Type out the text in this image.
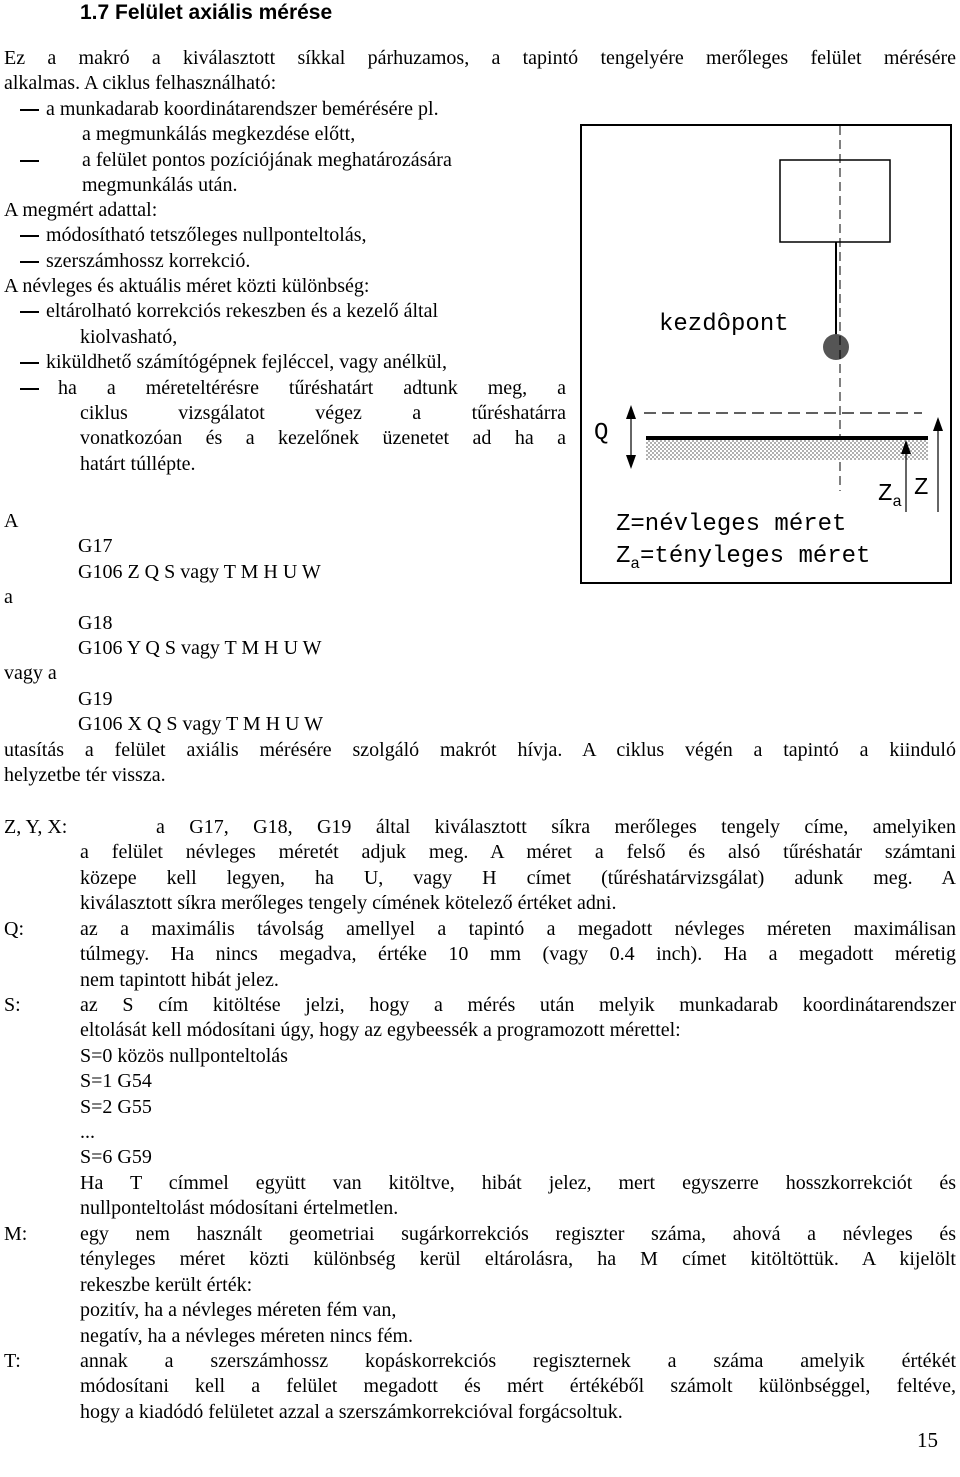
1.7 Felület axiális mérése
Ez a makró a kiválasztott síkkal párhuzamos, a tapintó tengelyére merőleges felület mérésére
alkalmas. A ciklus felhasználható:
a munkadarab koordinátarendszer bemérésére pl.
a megmunkálás megkezdése előtt,
a felület pontos pozíciójának meghatározására
megmunkálás után.
A megmért adattal:
módosítható tetszőleges nullponteltolás,
szerszámhossz korrekció.
A névleges és aktuális méret közti különbség:
eltárolható korrekciós rekeszben és a kezelő által
kiolvasható,
kiküldhető számítógépnek fejléccel, vagy anélkül,
ha a méreteltérésre tűréshatárt adtunk meg, a
ciklus vizsgálatot végez a tűréshatárra
vonatkozóan és a kezelőnek üzenetet ad ha a
határt túllépte.
A
G17
G106 Z Q S vagy T M H U W
a
G18
G106 Y Q S vagy T M H U W
vagy a
G19
G106 X Q S vagy T M H U W
utasítás a felület axiális mérésére szolgáló makrót hívja. A ciklus végén a tapintó a kiinduló
helyzetbe tér vissza.
Z, Y, X:	a G17, G18, G19 által kiválasztott síkra merőleges tengely címe, amelyiken
a felület névleges méretét adjuk meg. A méret a felső és alsó tűréshatár számtani
közepe kell legyen, ha U, vagy H címet (tűréshatárvizsgálat) adunk meg. A
kiválasztott síkra merőleges tengely címének kötelező értéket adni.
Q:	az a maximális távolság amellyel a tapintó a megadott névleges méreten maximálisan
túlmegy. Ha nincs megadva, értéke 10 mm (vagy 0.4 inch). Ha a megadott méretig
nem tapintott hibát jelez.
S:	az S cím kitöltése jelzi, hogy a mérés után melyik munkadarab koordinátarendszer
eltolását kell módosítani úgy, hogy az egybeessék a programozott mérettel:
S=0 közös nullponteltolás
S=1 G54
S=2 G55
...
S=6 G59
Ha T címmel együtt van kitöltve, hibát jelez, mert egyszerre hosszkorrekciót és
nullponteltolást módosítani értelmetlen.
M:	egy nem használt geometriai sugárkorrekciós regiszter száma, ahová a névleges és
tényleges méret közti különbség kerül eltárolásra, ha M címet kitöltöttük. A kijelölt
rekeszbe került érték:
pozitív, ha a névleges méreten fém van,
negatív, ha a névleges méreten nincs fém.
T:	annak a szerszámhossz kopáskorrekciós regiszternek a száma amelyik értékét
módosítani kell a felület megadott és mért értékéből számolt különbséggel, feltéve,
hogy a kiadódó felületet azzal a szerszámkorrekcióval forgácsoltuk.
15
kezdôpont
Q
$Z_a$ Z
Z=névleges méret
$Z_a=tényleges$ méret
